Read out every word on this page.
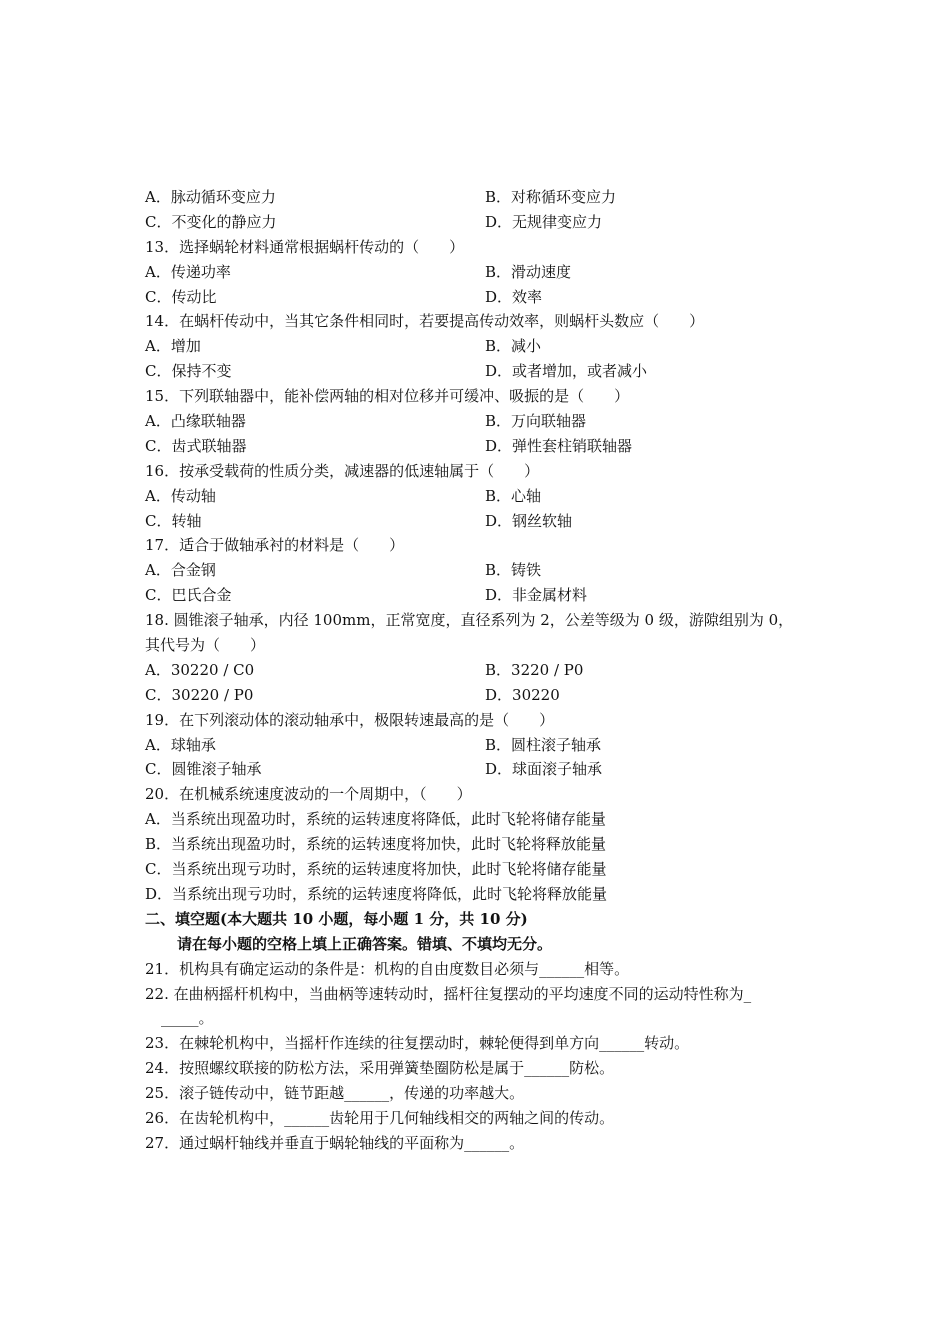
A．脉动循环变应力	B．对称循环变应力
C．不变化的静应力	D．无规律变应力
13．选择蜗轮材料通常根据蜗杆传动的（　　）
A．传递功率	B．滑动速度
C．传动比	D．效率
14．在蜗杆传动中，当其它条件相同时，若要提高传动效率，则蜗杆头数应（　　）
A．增加	B．减小
C．保持不变	D．或者增加，或者减小
15．下列联轴器中，能补偿两轴的相对位移并可缓冲、吸振的是（　　）
A．凸缘联轴器	B．万向联轴器
C．齿式联轴器	D．弹性套柱销联轴器
16．按承受载荷的性质分类，减速器的低速轴属于（　　）
A．传动轴	B．心轴
C．转轴	D．钢丝软轴
17．适合于做轴承衬的材料是（　　）
A．合金钢	B．铸铁
C．巴氏合金	D．非金属材料
18. 圆锥滚子轴承，内径 100mm，正常宽度，直径系列为 2，公差等级为 0 级，游隙组别为 0，
其代号为（　　）
A．30220 / C0	B．3220 / P0
C．30220 / P0	D．30220
19．在下列滚动体的滚动轴承中，极限转速最高的是（　　）
A．球轴承	B．圆柱滚子轴承
C．圆锥滚子轴承	D．球面滚子轴承
20．在机械系统速度波动的一个周期中，（　　）
A．当系统出现盈功时，系统的运转速度将降低，此时飞轮将储存能量
B．当系统出现盈功时，系统的运转速度将加快，此时飞轮将释放能量
C．当系统出现亏功时，系统的运转速度将加快，此时飞轮将储存能量
D．当系统出现亏功时，系统的运转速度将降低，此时飞轮将释放能量
二、填空题(本大题共 10 小题，每小题 1 分，共 10 分)
请在每小题的空格上填上正确答案。错填、不填均无分。
21．机构具有确定运动的条件是：机构的自由度数目必须与______相等。
22. 在曲柄摇杆机构中，当曲柄等速转动时，摇杆往复摆动的平均速度不同的运动特性称为_
_____。
23．在棘轮机构中，当摇杆作连续的往复摆动时，棘轮便得到单方向______转动。
24．按照螺纹联接的防松方法，采用弹簧垫圈防松是属于______防松。
25．滚子链传动中，链节距越______，传递的功率越大。
26．在齿轮机构中，______齿轮用于几何轴线相交的两轴之间的传动。
27．通过蜗杆轴线并垂直于蜗轮轴线的平面称为______。
